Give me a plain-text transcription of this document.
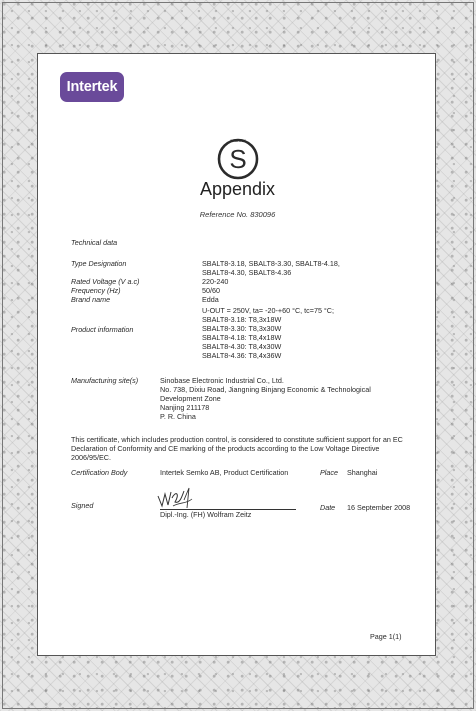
Intertek
INTERTEK
S
Appendix
Reference No. 830096
Technical data
Type Designation	SBALT8-3.18, SBALT8-3.30, SBALT8-4.18,
SBALT8-4.30, SBALT8-4.36
Rated Voltage (V a.c)	220-240
Frequency (Hz)	50/60
Brand name	Edda
Product information
U-OUT = 250V, ta= -20-+60 °C, tc=75 °C;
SBALT8-3.18: T8,3x18W
SBALT8-3.30: T8,3x30W
SBALT8-4.18: T8,4x18W
SBALT8-4.30: T8,4x30W
SBALT8-4.36: T8,4x36W
Manufacturing site(s)	Sinobase Electronic Industrial Co., Ltd.
No. 738, Dixiu Road, Jiangning Binjang Economic & Technological
Development Zone
Nanjing 211178
P. R. China
This certificate, which includes production control, is considered to constitute sufficient support for an EC
Declaration of Conformity and CE marking of the products according to the Low Voltage Directive
2006/95/EC.
Certification Body	Intertek Semko AB, Product Certification	Place Shanghai
Signed
Dipl.-Ing. (FH) Wolfram Zeitz
Date 16 September 2008
Page 1(1)
